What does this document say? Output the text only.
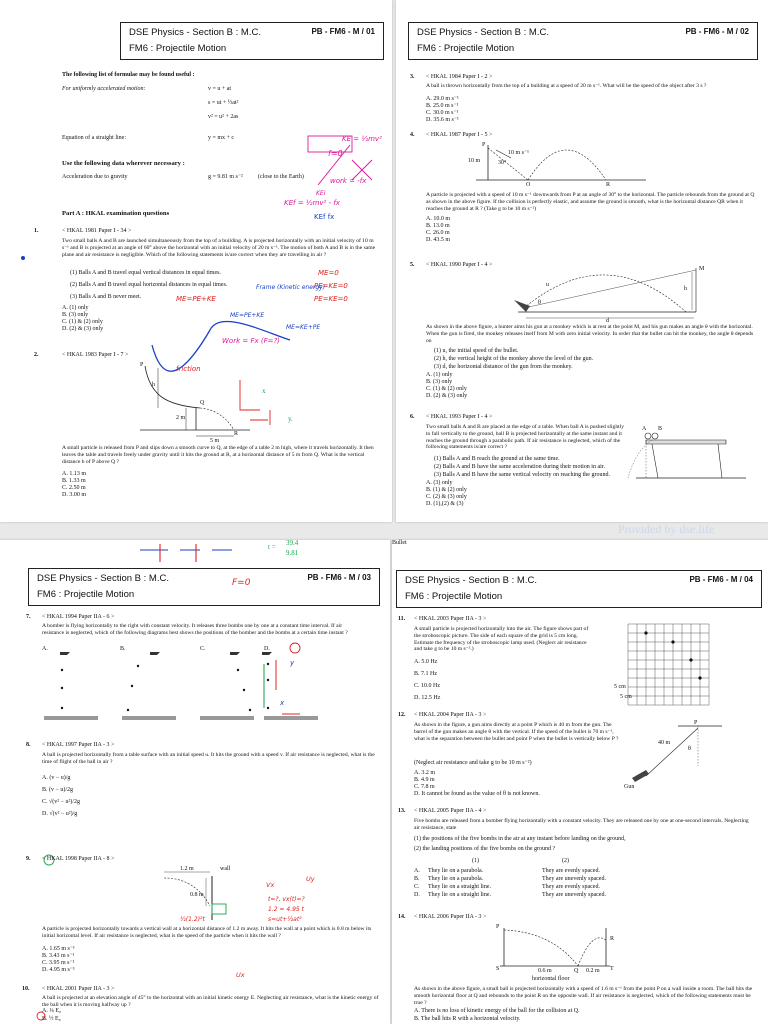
DSE Physics - Section B : M.C.
FM6 : Projectile Motion
PB - FM6 - M / 01
The following list of formulae may be found useful :
For uniformly accelerated motion:	v = u + at
s = ut + ½at²
v² = u² + 2as
Equation of a straight line:	y = mx + c
Use the following data wherever necessary :
Acceleration due to gravity	g = 9.81 m s⁻²	(close to the Earth)
Part A : HKAL examination questions
1.	< HKAL 1981 Paper I - 34 >
Two small balls A and B are launched simultaneously from the top of a building. A is projected horizontally with an initial velocity of 10 m s⁻¹ and B is projected at an angle of 60° above the horizontal with an initial velocity of 20 m s⁻¹. The motion of both A and B is in the same plane and air resistance is negligible. Which of the following statements is/are correct when they are travelling in air ?
(1) Balls A and B travel equal vertical distances in equal times.
(2) Balls A and B travel equal horizontal distances in equal times.
(3) Balls A and B never meet.
A. (1) only
B. (3) only
C. (1) & (2) only
D. (2) & (3) only
2.	< HKAL 1983 Paper I - 7 >
h
2 m
5 m
P
Q
R
A small particle is released from P and slips down a smooth curve to Q, at the edge of a table 2 m high, where it travels horizontally. It then leaves the table and travels freely under gravity until it hits the ground at R, at a horizontal distance of 5 m from Q. What is the vertical distance h of P above Q ?
A. 1.13 m
B. 1.33 m
C. 2.50 m
D. 3.00 m
KE = ½mv²
f=0
work = -fx
KEi
KEf = ½mv² - fx
KEf fx
ME=0
PE=KE=0
PE=KE=0
ME=PE+KE
Frame (Kinetic energy)
ME=PE+KE
ME=KE+PE
Work = Fx (F=?)
friction
x
y.
DSE Physics - Section B : M.C.
FM6 : Projectile Motion
PB - FM6 - M / 02
3. < HKAL 1984 Paper I - 2 >
A ball is thrown horizontally from the top of a building at a speed of 20 m s⁻¹. What will be the speed of the object after 3 s ?
A. 29.0 m s⁻¹
B. 25.0 m s⁻¹
C. 30.0 m s⁻¹
D. 35.6 m s⁻¹
4. < HKAL 1987 Paper I - 5 >
5. < HKAL 1990 Paper I - 4 >
P
10 m
10 m s⁻¹
30°
O	R
A particle is projected with a speed of 10 m s⁻¹ downwards from P at an angle of 30° to the horizontal. The particle rebounds from the ground at Q as shown in the above figure. If the collision is perfectly elastic, and assume the ground is smooth, what is the horizontal distance QR when it reaches the ground at R ? (Take g to be 10 m s⁻²)
A. 10.0 m
B. 13.0 m
C. 26.0 m
D. 43.5 m
M
h
u
θ
d
As shown in the above figure, a hunter aims his gun at a monkey which is at rest at the point M, and his gun makes an angle θ with the horizontal. When the gun is fired, the monkey releases itself from M with zero initial velocity. In order that the bullet can hit the monkey, the angle θ depends on
(1) u, the initial speed of the bullet.
(2) h, the vertical height of the monkey above the level of the gun.
(3) d, the horizontal distance of the gun from the monkey.
A. (1) only
B. (3) only
C. (1) & (2) only
D. (2) & (3) only
6. < HKAL 1993 Paper I - 4 >
Two small balls A and B are placed at the edge of a table. When ball A is pushed slightly to fall vertically to the ground, ball B is projected horizontally at the same instant and it reaches the ground through a parabolic path. If air resistance is neglected, which of the following statements is/are correct ?
(1) Balls A and B reach the ground at the same time.
(2) Balls A and B have the same acceleration during their motion in air.
(3) Balls A and B have the same vertical velocity on reaching the ground.
A. (3) only
B. (1) & (2) only
C. (2) & (3) only
D. (1),(2) & (3)
A B
Provided by dse.life
DSE Physics - Section B : M.C.
FM6 : Projectile Motion
PB - FM6 - M / 03
7. < HKAL 1994 Paper IIA - 6 >
A bomber is flying horizontally to the right with constant velocity. It releases three bombs one by one at a constant time interval. If air resistance is neglected, which of the following diagrams best shows the positions of the bomber and the bombs at a certain time instant ?
A.	B.	C.	D.
8. < HKAL 1997 Paper IIA - 3 >
A ball is projected horizontally from a table surface with an initial speed u. It hits the ground with a speed v. If air resistance is neglected, what is the time of flight of the ball in air ?
A. (v − u)/g
B. (v − u)/2g
C. √(v² − u²)/2g
D. √(v² − u²)/g
9. < HKAL 1998 Paper IIA - 8 >
wall
1.2 m
0.8 m
A particle is projected horizontally towards a vertical wall at a horizontal distance of 1.2 m away. It hits the wall at a point which is 0.8 m below its initial horizontal level. If air resistance is neglected, what is the speed of the particle when it hits the wall ?
A. 1.65 m s⁻¹
B. 3.43 m s⁻¹
C. 3.95 m s⁻¹
D. 4.95 m s⁻¹
10. < HKAL 2001 Paper IIA - 3 >
A ball is projected at an elevation angle of 45° to the horizontal with an initial kinetic energy E. Neglecting air resistance, what is the kinetic energy of the ball when it is moving halfway up ?
A. ¼ E₀
B. ½ E₀
t = 39.4
9.81
F=0
x
y
Vx
Uy
Ux
t=?, vx(t)=?
1.2 = 4.95 t
s=ut+½at²
½(1.2)²t
DSE Physics - Section B : M.C.
FM6 : Projectile Motion
PB - FM6 - M / 04
11. < HKAL 2003 Paper IIA - 3 >
A small particle is projected horizontally into the air. The figure shows part of the stroboscopic picture. The side of each square of the grid is 5 cm long. Estimate the frequency of the stroboscopic lamp used. (Neglect air resistance and take g to be 10 m s⁻².)
A. 5.0 Hz
B. 7.1 Hz
C. 10.0 Hz
D. 12.5 Hz
5 cm
5 cm
12. < HKAL 2004 Paper IIA - 3 >
As shown in the figure, a gun aims directly at a point P which is 40 m from the gun. The barrel of the gun makes an angle θ with the vertical. If the speed of the bullet is 70 m s⁻¹, what is the separation between the bullet and point P when the bullet is vertically below P ?
(Neglect air resistance and take g to be 10 m s⁻²)
A. 3.2 m
B. 4.9 m
C. 7.8 m
D. It cannot be found as the value of θ is not known.
P
40 m
θ
Gun
Bullet
13. < HKAL 2005 Paper IIA - 4 >
Five bombs are released from a bomber flying horizontally with a constant velocity. They are released one by one at one-second intervals. Neglecting air resistance, state
(1) the positions of the five bombs in the air at any instant before landing on the ground,
(2) the landing positions of the five bombs on the ground ?
(1)	(2)
A. They lie on a parabola.	They are evenly spaced.
B. They lie on a parabola.	They are unevenly spaced.
C. They lie on a straight line.	They are evenly spaced.
D. They lie on a straight line.	They are unevenly spaced.
14. < HKAL 2006 Paper IIA - 3 >
P
R
S	Q	T
0.6 m	0.2 m
horizontal floor
As shown in the above figure, a small ball is projected horizontally with a speed of 1.6 m s⁻¹ from the point P on a wall inside a room. The ball hits the smooth horizontal floor at Q and rebounds to the point R on the opposite wall. If air resistance is neglected, which of the following statements must be true ?
A. There is no loss of kinetic energy of the ball for the collision at Q.
B. The ball hits R with a horizontal velocity.
